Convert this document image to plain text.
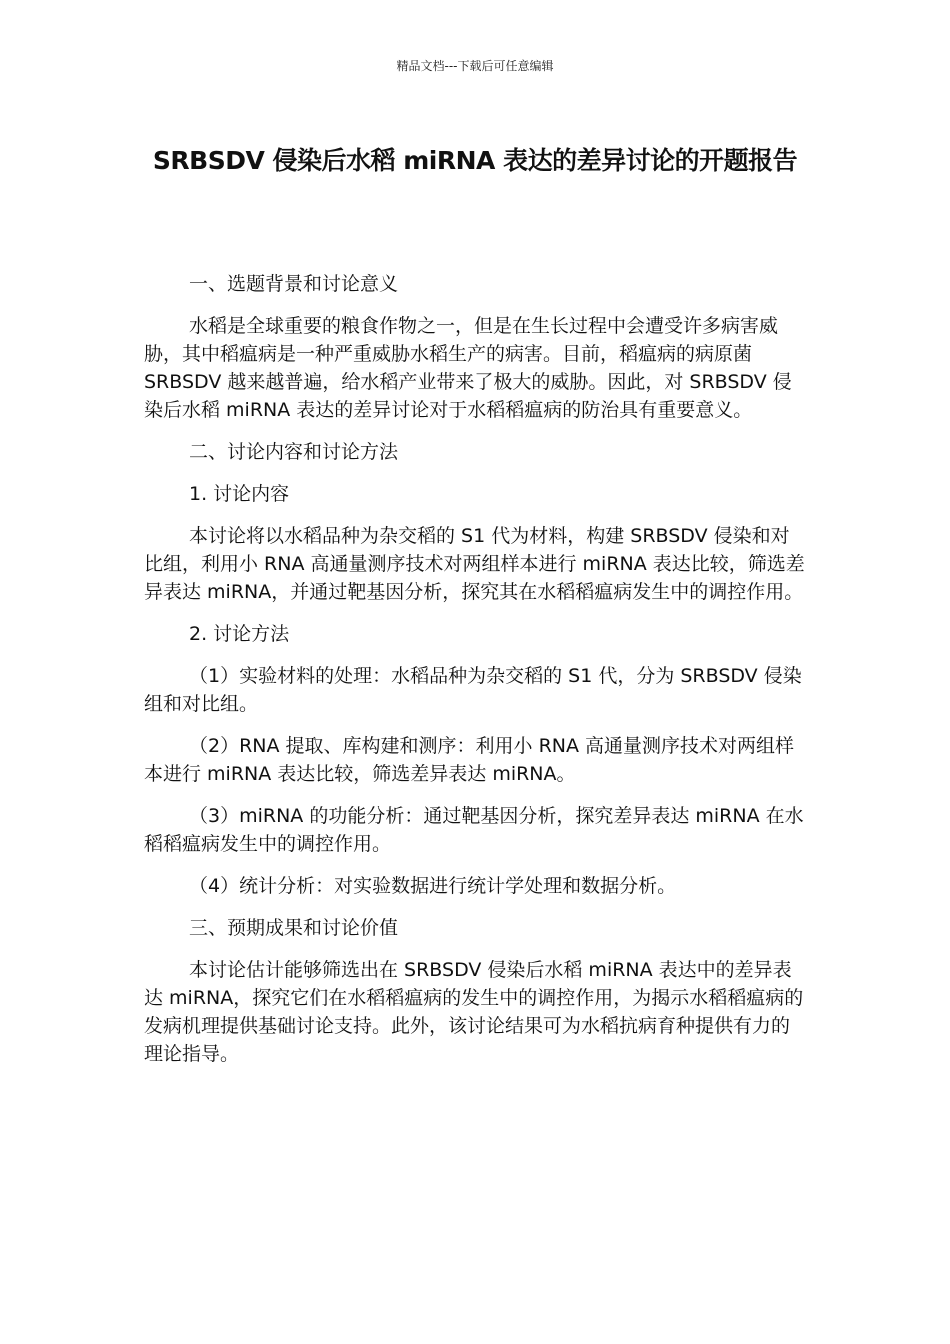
精品文档---下载后可任意编辑
SRBSDV 侵染后水稻 miRNA 表达的差异讨论的开题报告

一、选题背景和讨论意义

水稻是全球重要的粮食作物之一，但是在生长过程中会遭受许多病害威胁，其中稻瘟病是一种严重威胁水稻生产的病害。目前，稻瘟病的病原菌 SRBSDV 越来越普遍，给水稻产业带来了极大的威胁。因此，对 SRBSDV 侵染后水稻 miRNA 表达的差异讨论对于水稻稻瘟病的防治具有重要意义。

二、讨论内容和讨论方法

1. 讨论内容

本讨论将以水稻品种为杂交稻的 S1 代为材料，构建 SRBSDV 侵染和对比组，利用小 RNA 高通量测序技术对两组样本进行 miRNA 表达比较，筛选差异表达 miRNA，并通过靶基因分析，探究其在水稻稻瘟病发生中的调控作用。

2. 讨论方法

（1）实验材料的处理：水稻品种为杂交稻的 S1 代，分为 SRBSDV 侵染组和对比组。

（2）RNA 提取、库构建和测序：利用小 RNA 高通量测序技术对两组样本进行 miRNA 表达比较，筛选差异表达 miRNA。

（3）miRNA 的功能分析：通过靶基因分析，探究差异表达 miRNA 在水稻稻瘟病发生中的调控作用。

（4）统计分析：对实验数据进行统计学处理和数据分析。

三、预期成果和讨论价值

本讨论估计能够筛选出在 SRBSDV 侵染后水稻 miRNA 表达中的差异表达 miRNA，探究它们在水稻稻瘟病的发生中的调控作用，为揭示水稻稻瘟病的发病机理提供基础讨论支持。此外，该讨论结果可为水稻抗病育种提供有力的理论指导。
